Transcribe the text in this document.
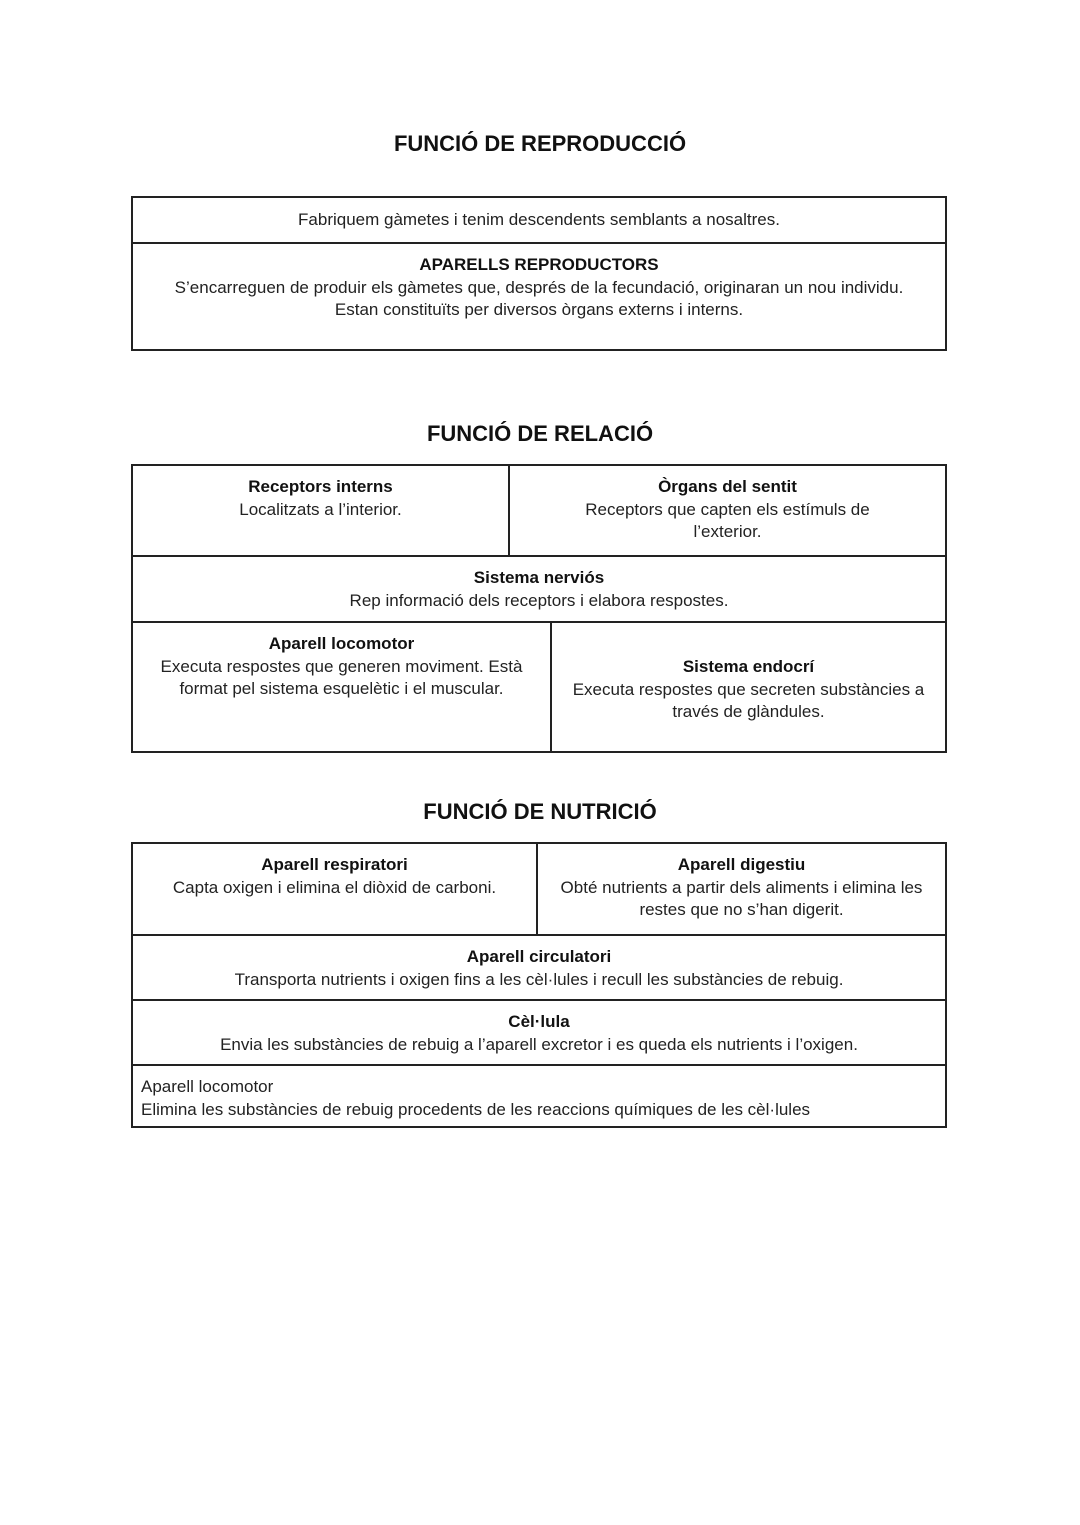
FUNCIÓ DE REPRODUCCIÓ
Fabriquem gàmetes i tenim descendents semblants a nosaltres.
APARELLS REPRODUCTORS
S’encarreguen de produir els gàmetes que, després de la fecundació, originaran un nou individu.
Estan constituïts per diversos òrgans externs i interns.
FUNCIÓ DE RELACIÓ
Receptors interns
Localitzats a l’interior.
Òrgans del sentit
Receptors que capten els estímuls de l’exterior.
Sistema nerviós
Rep informació dels receptors i elabora respostes.
Aparell locomotor
Executa respostes que generen moviment. Està format pel sistema esquelètic i el muscular.
Sistema endocrí
Executa respostes que secreten substàncies a través de glàndules.
FUNCIÓ DE NUTRICIÓ
Aparell respiratori
Capta oxigen i elimina el diòxid de carboni.
Aparell digestiu
Obté nutrients a partir dels aliments i elimina les restes que no s’han digerit.
Aparell circulatori
Transporta nutrients i oxigen fins a les cèl·lules i recull les substàncies de rebuig.
Cèl·lula
Envia les substàncies de rebuig a l’aparell excretor i es queda els nutrients i l’oxigen.
Aparell locomotor
Elimina les substàncies de rebuig procedents de les reaccions químiques de les cèl·lules
